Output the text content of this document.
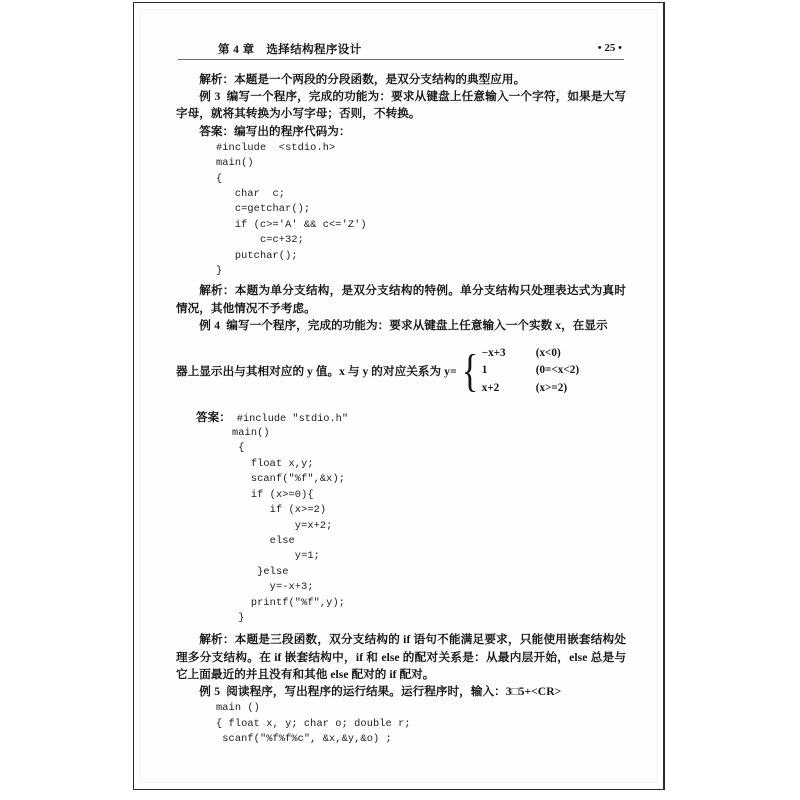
第 4 章　选择结构程序设计	• 25 •

解析：本题是一个两段的分段函数，是双分支结构的典型应用。

例 3 编写一个程序，完成的功能为：要求从键盘上任意输入一个字符，如果是大写字母，就将其转换为小写字母；否则，不转换。

答案：编写出的程序代码为：

#include  <stdio.h>
main()
{
char  c;
c=getchar();
if (c>='A' && c<='Z')
c=c+32;
putchar();
}

解析：本题为单分支结构，是双分支结构的特例。单分支结构只处理表达式为真时情况，其他情况不予考虑。

例 4 编写一个程序，完成的功能为：要求从键盘上任意输入一个实数 x，在显示

器上显示出与其相对应的 y 值。x 与 y 的对应关系为 y= { −x+3	(x<0)
1	(0=<x<2)
x+2	(x>=2)
答案： #include "stdio.h"
main()
{
float x,y;
scanf("%f",&x);
if (x>=0){
if (x>=2)
y=x+2;
else
y=1;
}else
y=-x+3;
printf("%f",y);
}

解析：本题是三段函数，双分支结构的 if 语句不能满足要求，只能使用嵌套结构处理多分支结构。在 if 嵌套结构中，if 和 else 的配对关系是：从最内层开始，else 总是与它上面最近的并且没有和其他 else 配对的 if 配对。

例 5 阅读程序，写出程序的运行结果。运行程序时，输入：3□5+<CR>

main ()
{ float x, y; char o; double r;
scanf("%f%f%c", &x,&y,&o) ;
